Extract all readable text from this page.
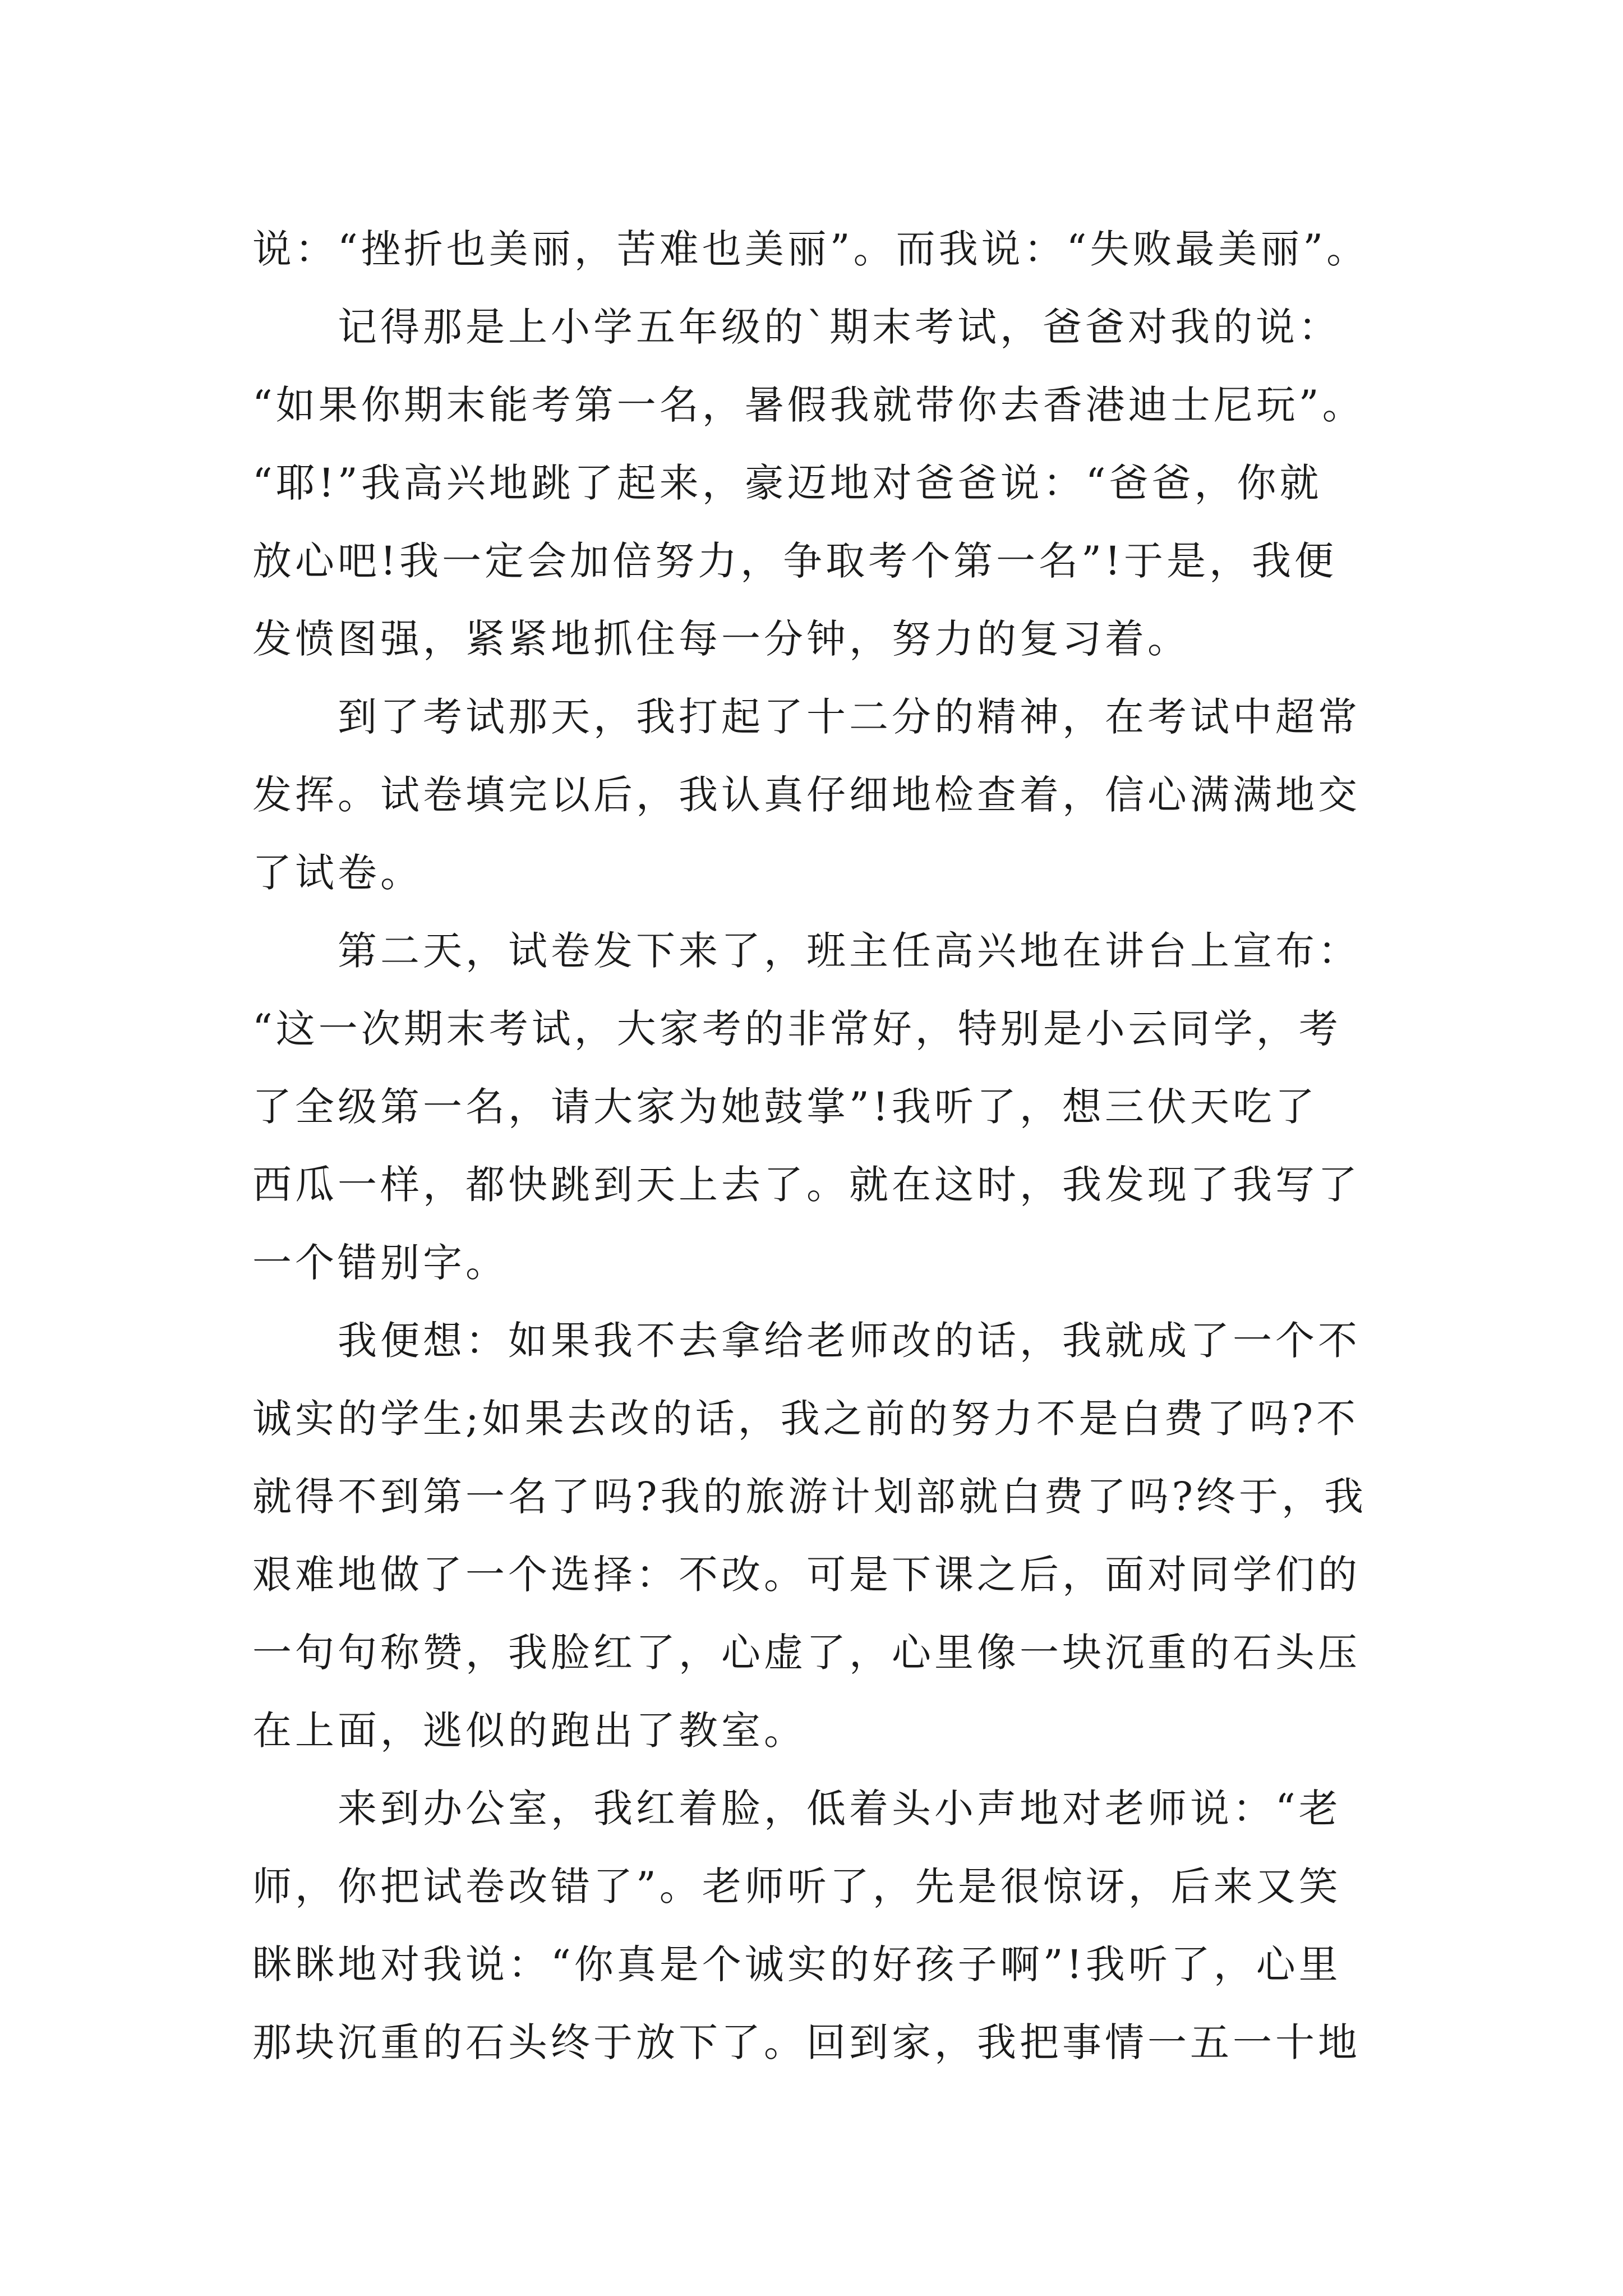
说：“挫折也美丽，苦难也美丽”。而我说：“失败最美丽”。
记得那是上小学五年级的`期末考试，爸爸对我的说：
“如果你期末能考第一名，暑假我就带你去香港迪士尼玩”。
“耶!”我高兴地跳了起来，豪迈地对爸爸说：“爸爸，你就
放心吧!我一定会加倍努力，争取考个第一名”!于是，我便
发愤图强，紧紧地抓住每一分钟，努力的复习着。
到了考试那天，我打起了十二分的精神，在考试中超常
发挥。试卷填完以后，我认真仔细地检查着，信心满满地交
了试卷。
第二天，试卷发下来了，班主任高兴地在讲台上宣布：
“这一次期末考试，大家考的非常好，特别是小云同学，考
了全级第一名，请大家为她鼓掌”!我听了，想三伏天吃了
西瓜一样，都快跳到天上去了。就在这时，我发现了我写了
一个错别字。
我便想：如果我不去拿给老师改的话，我就成了一个不
诚实的学生;如果去改的话，我之前的努力不是白费了吗?不
就得不到第一名了吗?我的旅游计划部就白费了吗?终于，我
艰难地做了一个选择：不改。可是下课之后，面对同学们的
一句句称赞，我脸红了，心虚了，心里像一块沉重的石头压
在上面，逃似的跑出了教室。
来到办公室，我红着脸，低着头小声地对老师说：“老
师，你把试卷改错了”。老师听了，先是很惊讶，后来又笑
眯眯地对我说：“你真是个诚实的好孩子啊”!我听了，心里
那块沉重的石头终于放下了。回到家，我把事情一五一十地
